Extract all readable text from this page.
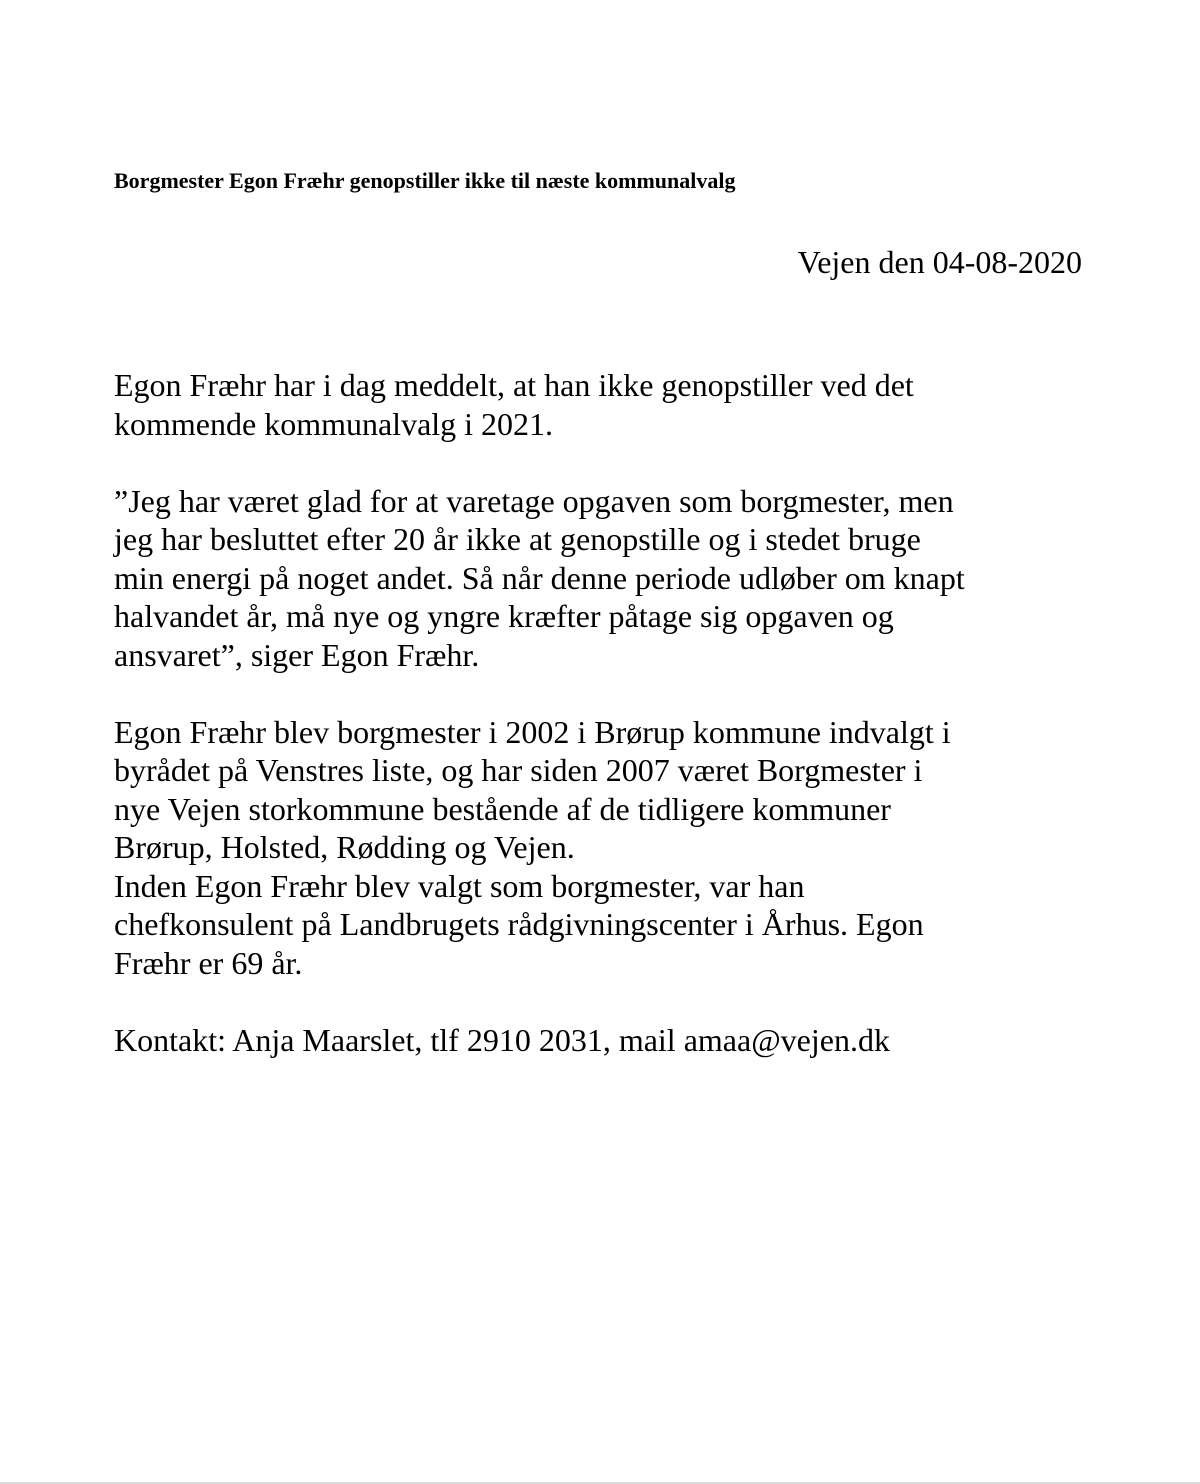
Borgmester Egon Fræhr genopstiller ikke til næste kommunalvalg
Vejen den 04-08-2020
Egon Fræhr har i dag meddelt, at han ikke genopstiller ved det
kommende kommunalvalg i 2021.
”Jeg har været glad for at varetage opgaven som borgmester, men
jeg har besluttet efter 20 år ikke at genopstille og i stedet bruge
min energi på noget andet. Så når denne periode udløber om knapt
halvandet år, må nye og yngre kræfter påtage sig opgaven og
ansvaret”, siger Egon Fræhr.
Egon Fræhr blev borgmester i 2002 i Brørup kommune indvalgt i
byrådet på Venstres liste, og har siden 2007 været Borgmester i
nye Vejen storkommune bestående af de tidligere kommuner
Brørup, Holsted, Rødding og Vejen.
Inden Egon Fræhr blev valgt som borgmester, var han
chefkonsulent på Landbrugets rådgivningscenter i Århus. Egon
Fræhr er 69 år.
Kontakt: Anja Maarslet, tlf 2910 2031, mail amaa@vejen.dk
